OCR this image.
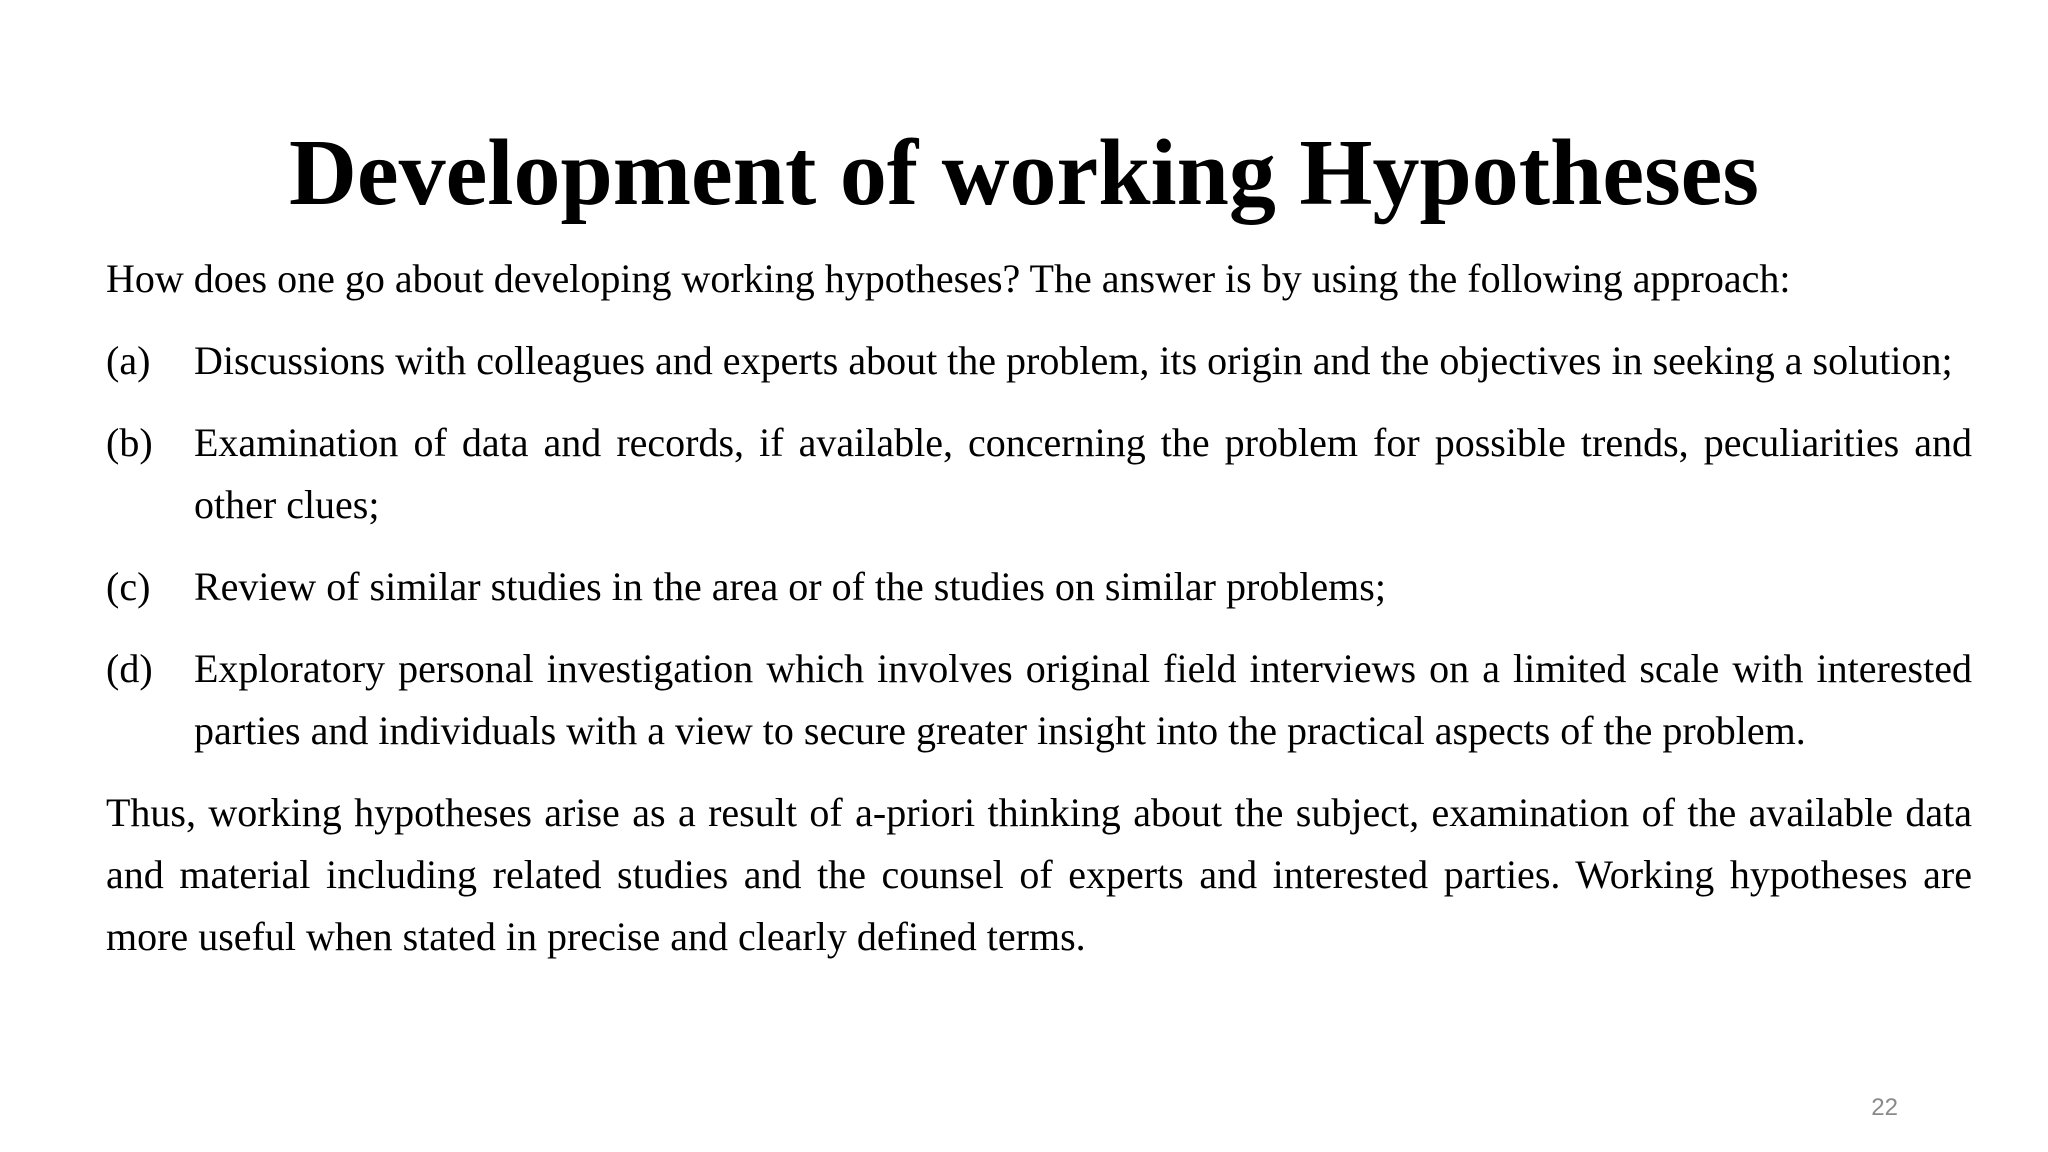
Development of working Hypotheses

How does one go about developing working hypotheses? The answer is by using the following approach:

(a)	Discussions with colleagues and experts about the problem, its origin and the objectives in seeking a solution;
(b)	Examination of data and records, if available, concerning the problem for possible trends, peculiarities and other clues;
(c)	Review of similar studies in the area or of the studies on similar problems;
(d)	Exploratory personal investigation which involves original field interviews on a limited scale with interested parties and individuals with a view to secure greater insight into the practical aspects of the problem.

Thus, working hypotheses arise as a result of a-priori thinking about the subject, examination of the available data and material including related studies and the counsel of experts and interested parties. Working hypotheses are more useful when stated in precise and clearly defined terms.

22
